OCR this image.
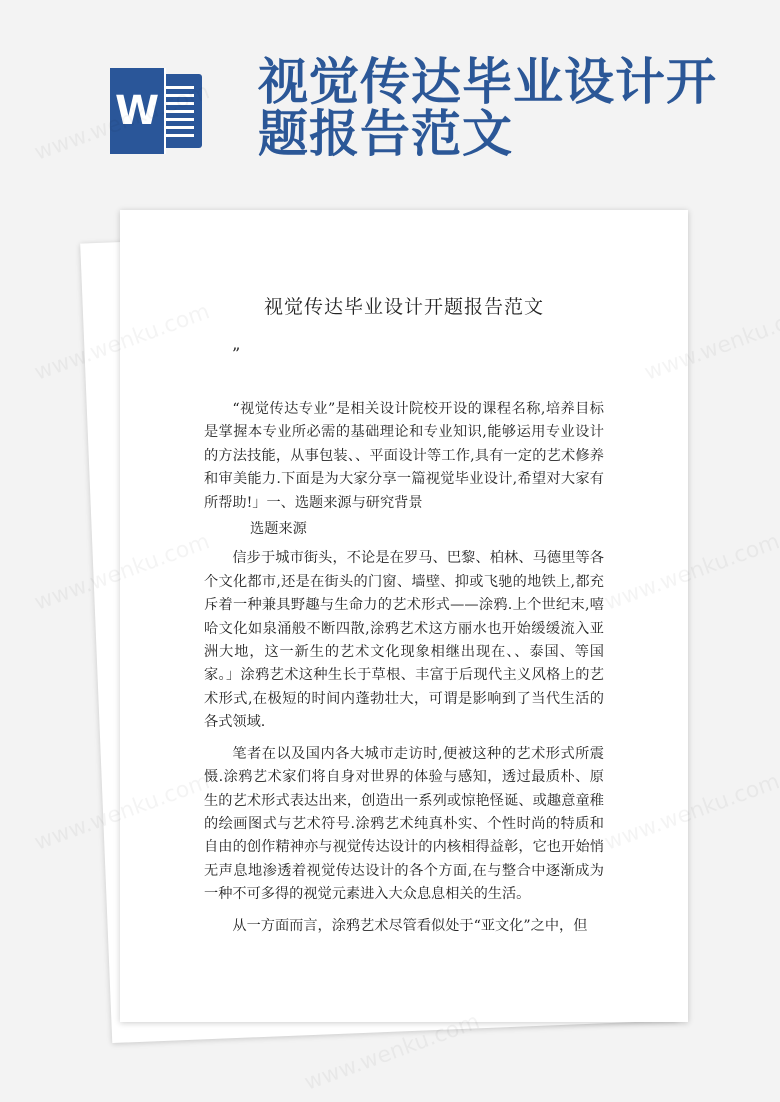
W 视觉传达毕业设计开题报告范文
视觉传达毕业设计开题报告范文
”

“视觉传达专业”是相关设计院校开设的课程名称,培养目标是掌握本专业所必需的基础理论和专业知识,能够运用专业设计的方法技能，从事包装、、平面设计等工作,具有一定的艺术修养和审美能力.下面是为大家分享一篇视觉毕业设计,希望对大家有所帮助!」一、选题来源与研究背景

选题来源

信步于城市街头，不论是在罗马、巴黎、柏林、马德里等各个文化都市,还是在街头的门窗、墙壁、抑或飞驰的地铁上,都充斥着一种兼具野趣与生命力的艺术形式——涂鸦.上个世纪末,嘻哈文化如泉涌般不断四散,涂鸦艺术这方丽水也开始缓缓流入亚洲大地，这一新生的艺术文化现象相继出现在、、泰国、等国家。」涂鸦艺术这种生长于草根、丰富于后现代主义风格上的艺术形式,在极短的时间内蓬勃壮大，可谓是影响到了当代生活的各式领域.

笔者在以及国内各大城市走访时,便被这种的艺术形式所震慑.涂鸦艺术家们将自身对世界的体验与感知，透过最质朴、原生的艺术形式表达出来，创造出一系列或惊艳怪诞、或趣意童稚的绘画图式与艺术符号.涂鸦艺术纯真朴实、个性时尚的特质和自由的创作精神亦与视觉传达设计的内核相得益彰，它也开始悄无声息地渗透着视觉传达设计的各个方面,在与整合中逐渐成为一种不可多得的视觉元素进入大众息息相关的生活。

从一方面而言，涂鸦艺术尽管看似处于“亚文化”之中，但
